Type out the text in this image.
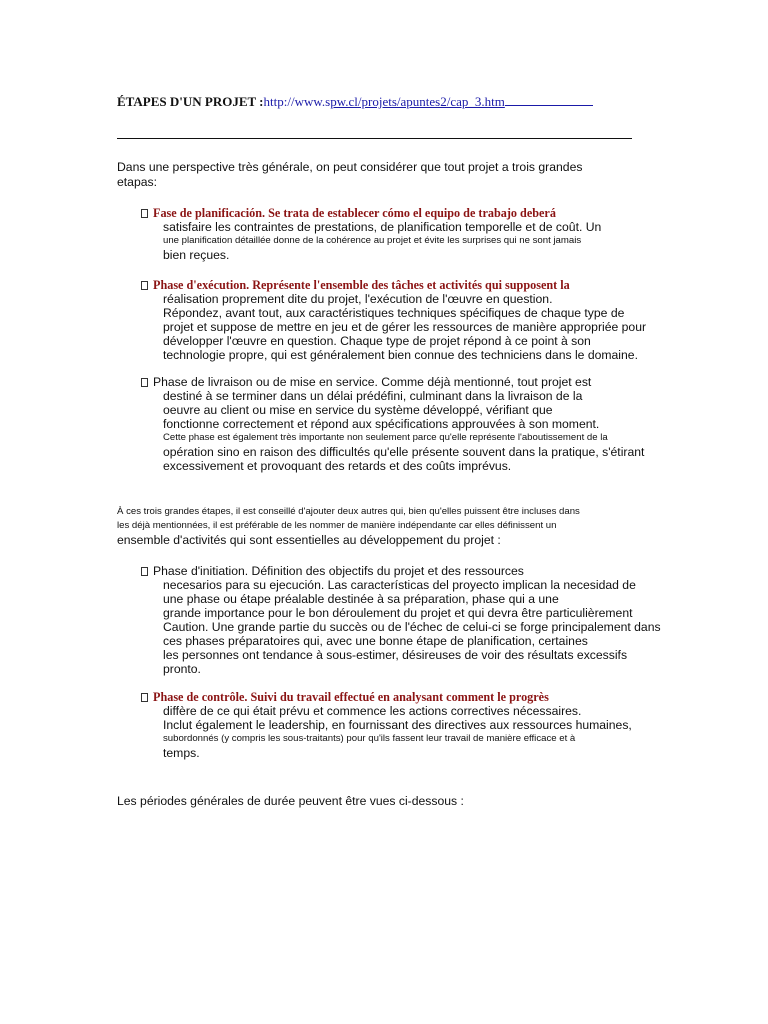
ÉTAPES D'UN PROJET :http://www.spw.cl/projets/apuntes2/cap_3.htm
Dans une perspective très générale, on peut considérer que tout projet a trois grandes
etapas:
Fase de planificación. Se trata de establecer cómo el equipo de trabajo deberá
satisfaire les contraintes de prestations, de planification temporelle et de coût. Un
une planification détaillée donne de la cohérence au projet et évite les surprises qui ne sont jamais
bien reçues.
Phase d'exécution. Représente l'ensemble des tâches et activités qui supposent la
réalisation proprement dite du projet, l'exécution de l'œuvre en question.
Répondez, avant tout, aux caractéristiques techniques spécifiques de chaque type de
projet et suppose de mettre en jeu et de gérer les ressources de manière appropriée pour
développer l'œuvre en question. Chaque type de projet répond à ce point à son
technologie propre, qui est généralement bien connue des techniciens dans le domaine.
Phase de livraison ou de mise en service. Comme déjà mentionné, tout projet est
destiné à se terminer dans un délai prédéfini, culminant dans la livraison de la
oeuvre au client ou mise en service du système développé, vérifiant que
fonctionne correctement et répond aux spécifications approuvées à son moment.
Cette phase est également très importante non seulement parce qu'elle représente l'aboutissement de la
opération sino en raison des difficultés qu'elle présente souvent dans la pratique, s'étirant
excessivement et provoquant des retards et des coûts imprévus.
À ces trois grandes étapes, il est conseillé d'ajouter deux autres qui, bien qu'elles puissent être incluses dans
les déjà mentionnées, il est préférable de les nommer de manière indépendante car elles définissent un
ensemble d'activités qui sont essentielles au développement du projet :
Phase d'initiation. Définition des objectifs du projet et des ressources
necesarios para su ejecución. Las características del proyecto implican la necesidad de
une phase ou étape préalable destinée à sa préparation, phase qui a une
grande importance pour le bon déroulement du projet et qui devra être particulièrement
Caution. Une grande partie du succès ou de l'échec de celui-ci se forge principalement dans
ces phases préparatoires qui, avec une bonne étape de planification, certaines
les personnes ont tendance à sous-estimer, désireuses de voir des résultats excessifs
pronto.
Phase de contrôle. Suivi du travail effectué en analysant comment le progrès
diffère de ce qui était prévu et commence les actions correctives nécessaires.
Inclut également le leadership, en fournissant des directives aux ressources humaines,
subordonnés (y compris les sous-traitants) pour qu'ils fassent leur travail de manière efficace et à
temps.
Les périodes générales de durée peuvent être vues ci-dessous :
